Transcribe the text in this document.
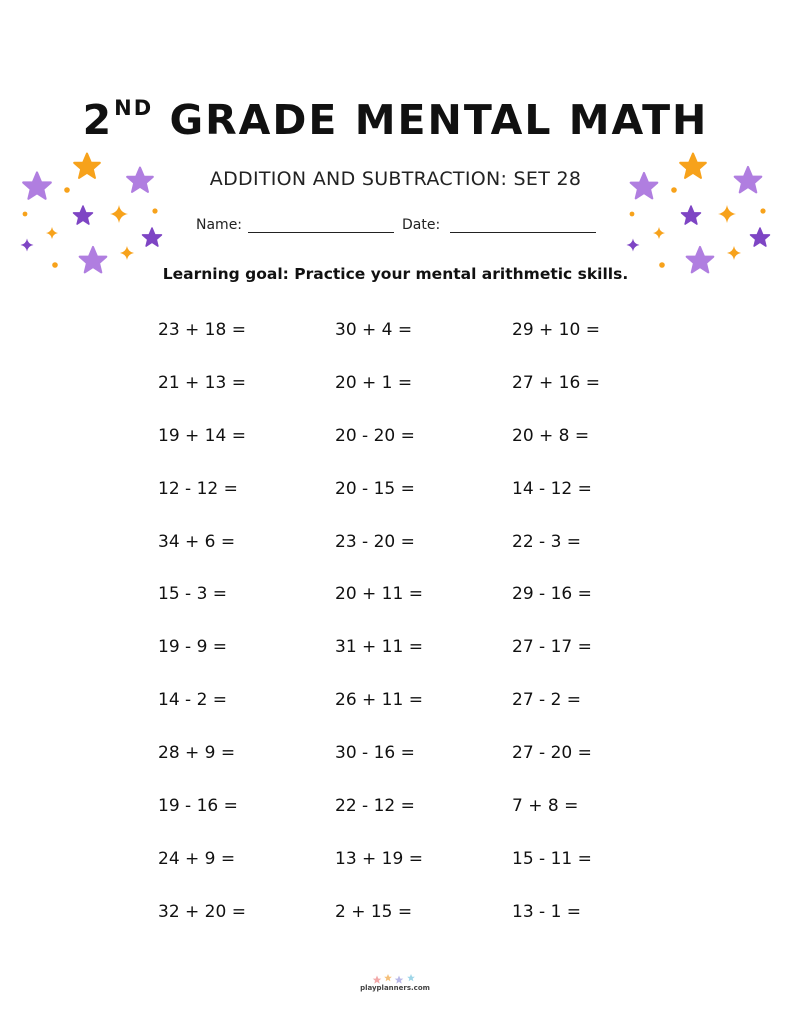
2ND GRADE MENTAL MATH
ADDITION AND SUBTRACTION: SET 28
Name:	Date:
Learning goal: Practice your mental arithmetic skills.
23 + 18 =	30 + 4 =	29 + 10 =
21 + 13 =	20 + 1 =	27 + 16 =
19 + 14 =	20 - 20 =	20 + 8 =
12 - 12 =	20 - 15 =	14 - 12 =
34 + 6 =	23 - 20 =	22 - 3 =
15 - 3 =	20 + 11 =	29 - 16 =
19 - 9 =	31 + 11 =	27 - 17 =
14 - 2 =	26 + 11 =	27 - 2 =
28 + 9 =	30 - 16 =	27 - 20 =
19 - 16 =	22 - 12 =	7 + 8 =
24 + 9 =	13 + 19 =	15 - 11 =
32 + 20 =	2 + 15 =	13 - 1 =
playplanners.com
